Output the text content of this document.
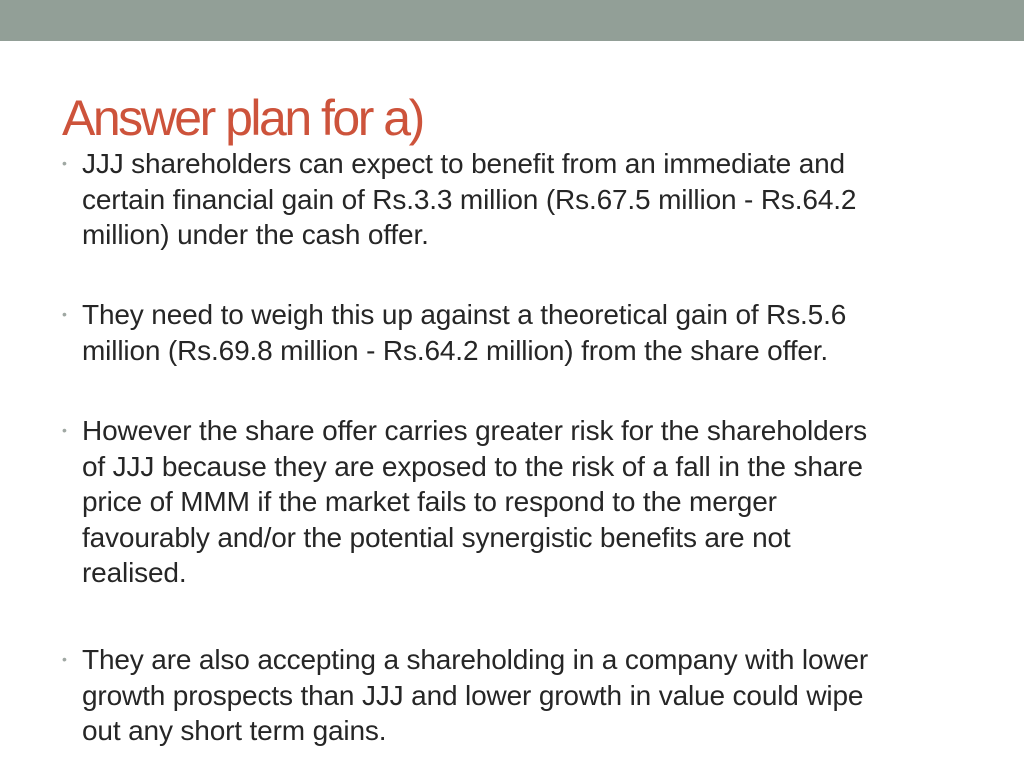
Answer plan for a)
• JJJ shareholders can expect to benefit from an immediate and
certain financial gain of Rs.3.3 million (Rs.67.5 million - Rs.64.2
million) under the cash offer.
• They need to weigh this up against a theoretical gain of Rs.5.6
million (Rs.69.8 million - Rs.64.2 million) from the share offer.
• However the share offer carries greater risk for the shareholders
of JJJ because they are exposed to the risk of a fall in the share
price of MMM if the market fails to respond to the merger
favourably and/or the potential synergistic benefits are not
realised.
• They are also accepting a shareholding in a company with lower
growth prospects than JJJ and lower growth in value could wipe
out any short term gains.
